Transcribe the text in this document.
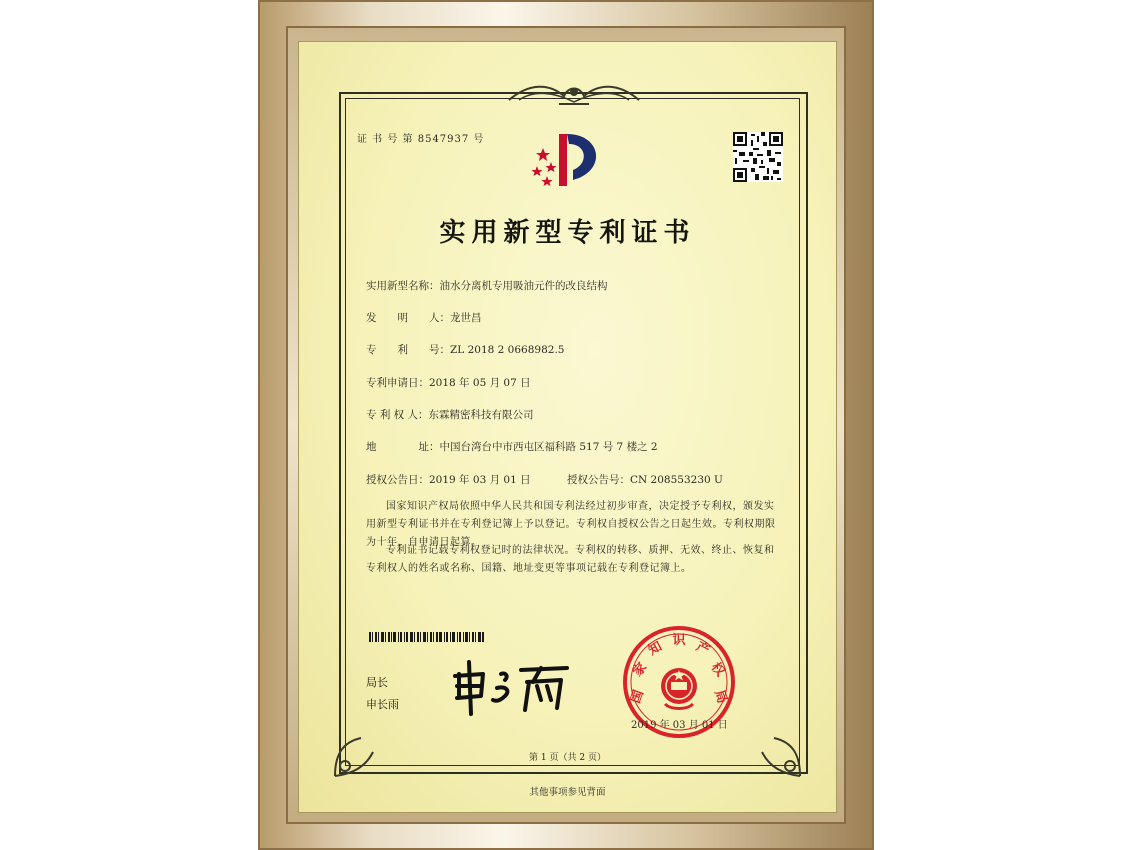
证 书 号 第 8547937 号
实用新型专利证书
实用新型名称：油水分离机专用吸油元件的改良结构
发　　明　　人：龙世昌
专　　利　　号：ZL 2018 2 0668982.5
专利申请日：2018 年 05 月 07 日
专 利 权 人：东霖精密科技有限公司
地　　　　址：中国台湾台中市西屯区福科路 517 号 7 楼之 2
授权公告日：2019 年 03 月 01 日	授权公告号：CN 208553230 U
国家知识产权局依照中华人民共和国专利法经过初步审查，决定授予专利权，颁发实用新型专利证书并在专利登记簿上予以登记。专利权自授权公告之日起生效。专利权期限为十年，自申请日起算。
专利证书记载专利权登记时的法律状况。专利权的转移、质押、无效、终止、恢复和专利权人的姓名或名称、国籍、地址变更等事项记载在专利登记簿上。
局长
申长雨	国
家
知 识 产
权
局
2019 年 03 月 01 日
第 1 页（共 2 页）
其他事项参见背面
